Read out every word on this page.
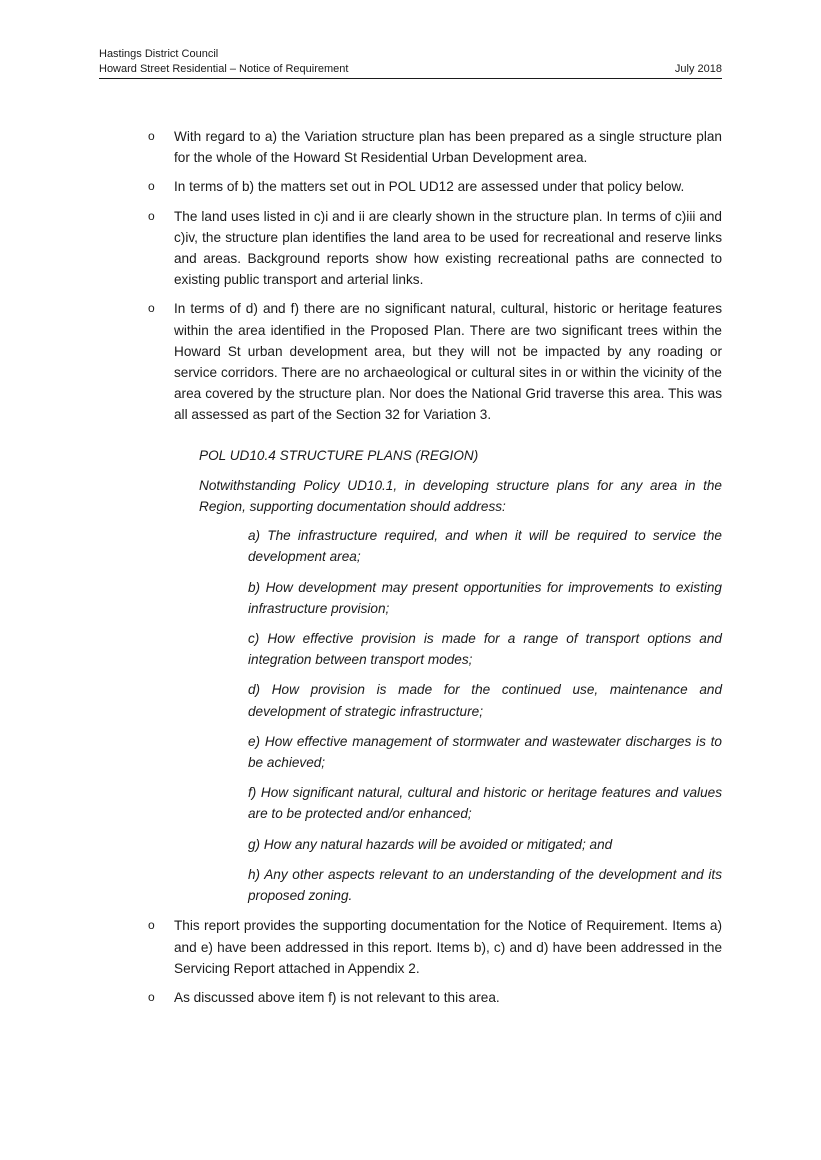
Hastings District Council
Howard Street Residential – Notice of Requirement	July 2018
o With regard to a) the Variation structure plan has been prepared as a single structure plan for the whole of the Howard St Residential Urban Development area.
o In terms of b) the matters set out in POL UD12 are assessed under that policy below.
o The land uses listed in c)i and ii are clearly shown in the structure plan. In terms of c)iii and c)iv, the structure plan identifies the land area to be used for recreational and reserve links and areas. Background reports show how existing recreational paths are connected to existing public transport and arterial links.
o In terms of d) and f) there are no significant natural, cultural, historic or heritage features within the area identified in the Proposed Plan. There are two significant trees within the Howard St urban development area, but they will not be impacted by any roading or service corridors. There are no archaeological or cultural sites in or within the vicinity of the area covered by the structure plan. Nor does the National Grid traverse this area. This was all assessed as part of the Section 32 for Variation 3.
POL UD10.4 STRUCTURE PLANS (REGION)
Notwithstanding Policy UD10.1, in developing structure plans for any area in the Region, supporting documentation should address:
a) The infrastructure required, and when it will be required to service the development area;
b) How development may present opportunities for improvements to existing infrastructure provision;
c) How effective provision is made for a range of transport options and integration between transport modes;
d) How provision is made for the continued use, maintenance and development of strategic infrastructure;
e) How effective management of stormwater and wastewater discharges is to be achieved;
f) How significant natural, cultural and historic or heritage features and values are to be protected and/or enhanced;
g) How any natural hazards will be avoided or mitigated; and
h) Any other aspects relevant to an understanding of the development and its proposed zoning.
o This report provides the supporting documentation for the Notice of Requirement. Items a) and e) have been addressed in this report. Items b), c) and d) have been addressed in the Servicing Report attached in Appendix 2.
o As discussed above item f) is not relevant to this area.
